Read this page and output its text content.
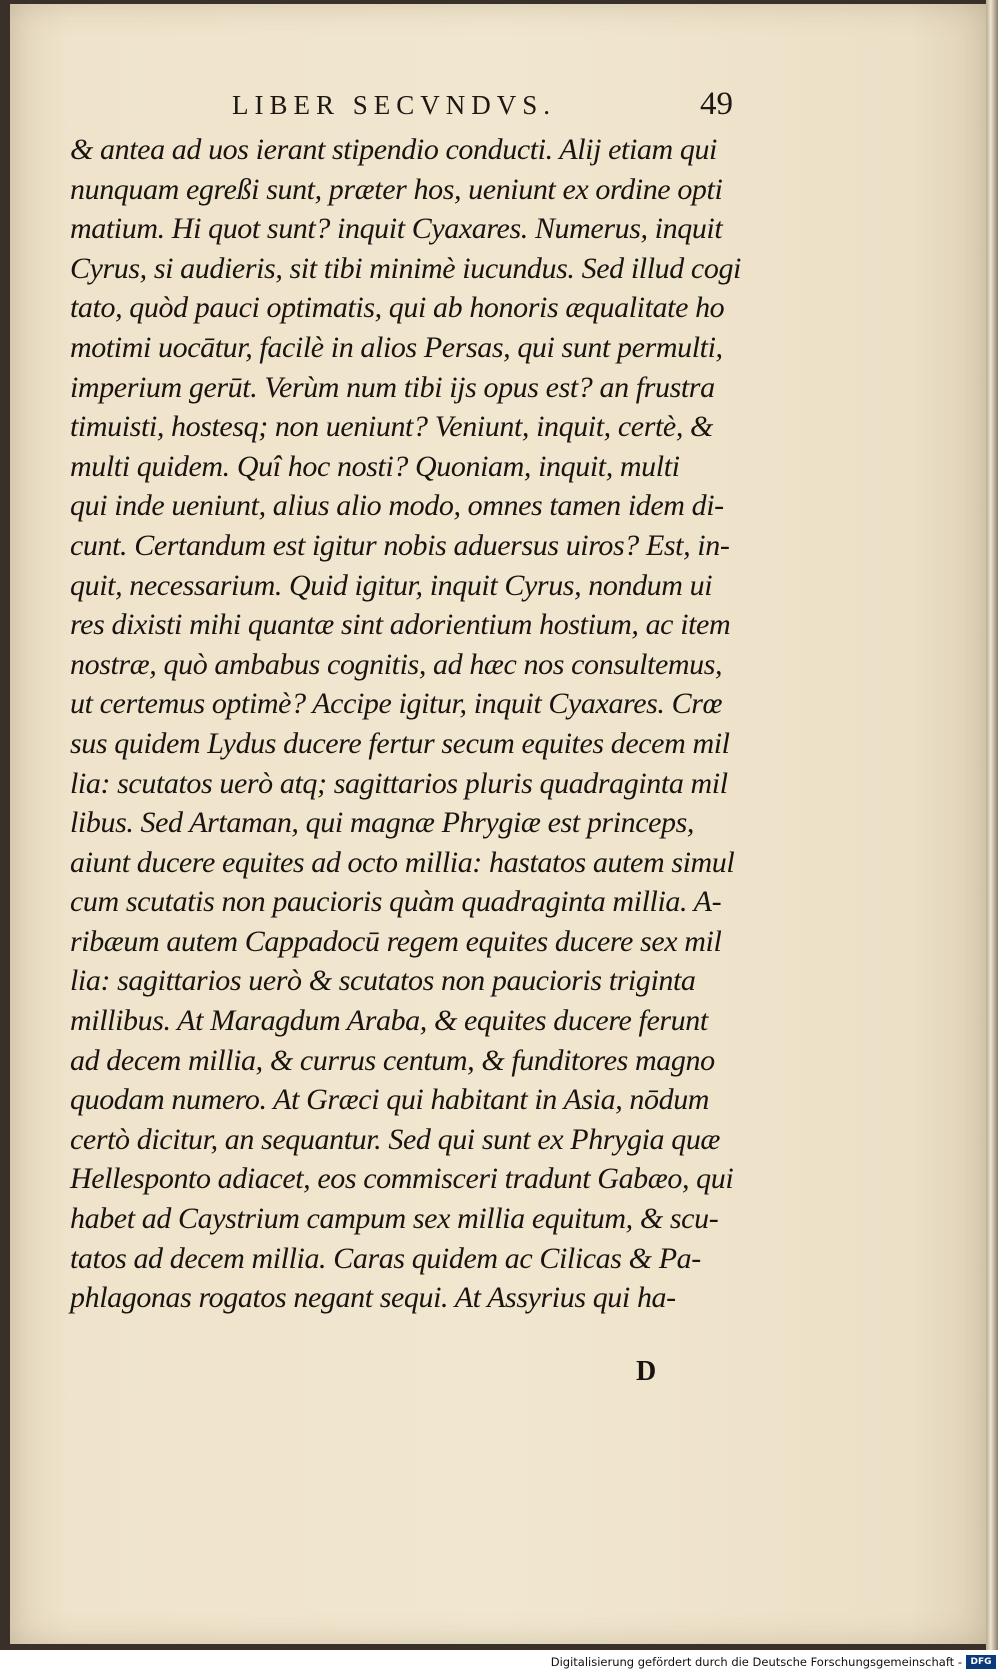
LIBER SECVNDVS.	49
& antea ad uos ierant stipendio conducti. Alij etiam qui
nunquam egreßi sunt, præter hos, ueniunt ex ordine opti
matium. Hi quot sunt? inquit Cyaxares. Numerus, inquit
Cyrus, si audieris, sit tibi minimè iucundus. Sed illud cogi
tato, quòd pauci optimatis, qui ab honoris æqualitate ho
motimi uocātur, facilè in alios Persas, qui sunt permulti,
imperium gerūt. Verùm num tibi ijs opus est? an frustra
timuisti, hostesq; non ueniunt? Veniunt, inquit, certè, &
multi quidem. Quî hoc nosti? Quoniam, inquit, multi
qui inde ueniunt, alius alio modo, omnes tamen idem di-
cunt. Certandum est igitur nobis aduersus uiros? Est, in-
quit, necessarium. Quid igitur, inquit Cyrus, nondum ui
res dixisti mihi quantæ sint adorientium hostium, ac item
nostræ, quò ambabus cognitis, ad hæc nos consultemus,
ut certemus optimè? Accipe igitur, inquit Cyaxares. Crœ
sus quidem Lydus ducere fertur secum equites decem mil
lia: scutatos uerò atq; sagittarios pluris quadraginta mil
libus. Sed Artaman, qui magnæ Phrygiæ est princeps,
aiunt ducere equites ad octo millia: hastatos autem simul
cum scutatis non paucioris quàm quadraginta millia. A-
ribæum autem Cappadocū regem equites ducere sex mil
lia: sagittarios uerò & scutatos non paucioris triginta
millibus. At Maragdum Araba, & equites ducere ferunt
ad decem millia, & currus centum, & funditores magno
quodam numero. At Græci qui habitant in Asia, nōdum
certò dicitur, an sequantur. Sed qui sunt ex Phrygia quæ
Hellesponto adiacet, eos commisceri tradunt Gabæo, qui
habet ad Caystrium campum sex millia equitum, & scu-
tatos ad decem millia. Caras quidem ac Cilicas & Pa-
phlagonas rogatos negant sequi. At Assyrius qui ha-
D
Digitalisierung gefördert durch die Deutsche Forschungsgemeinschaft - DFG
